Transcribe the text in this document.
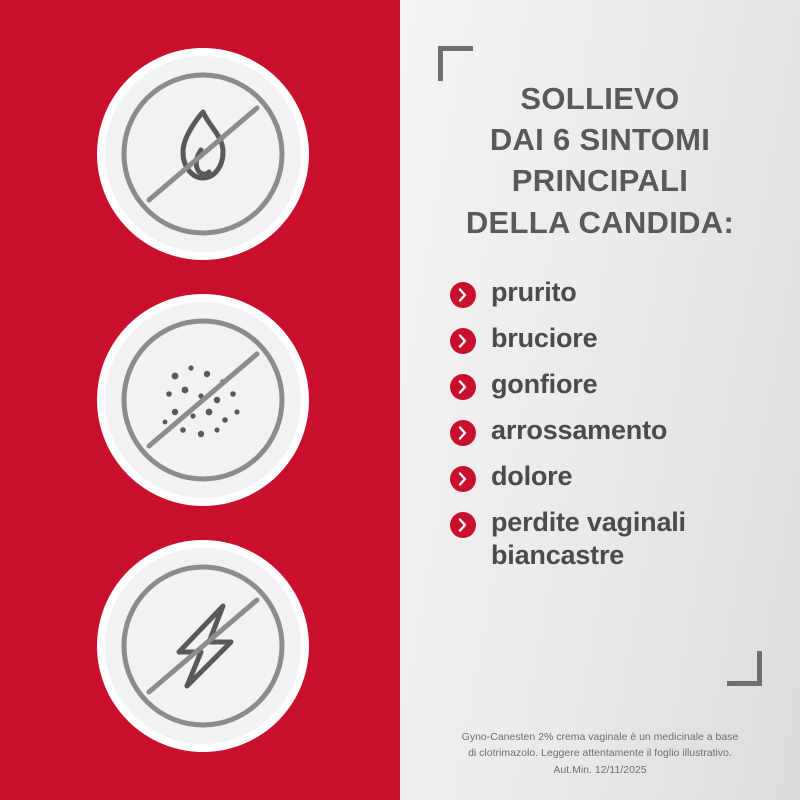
SOLLIEVO
DAI 6 SINTOMI
PRINCIPALI
DELLA CANDIDA:
prurito
bruciore
gonfiore
arrossamento
dolore
perdite vaginali biancastre
Gyno-Canesten 2% crema vaginale è un medicinale a base
di clotrimazolo. Leggere attentamente il foglio illustrativo.
Aut.Min. 12/11/2025
